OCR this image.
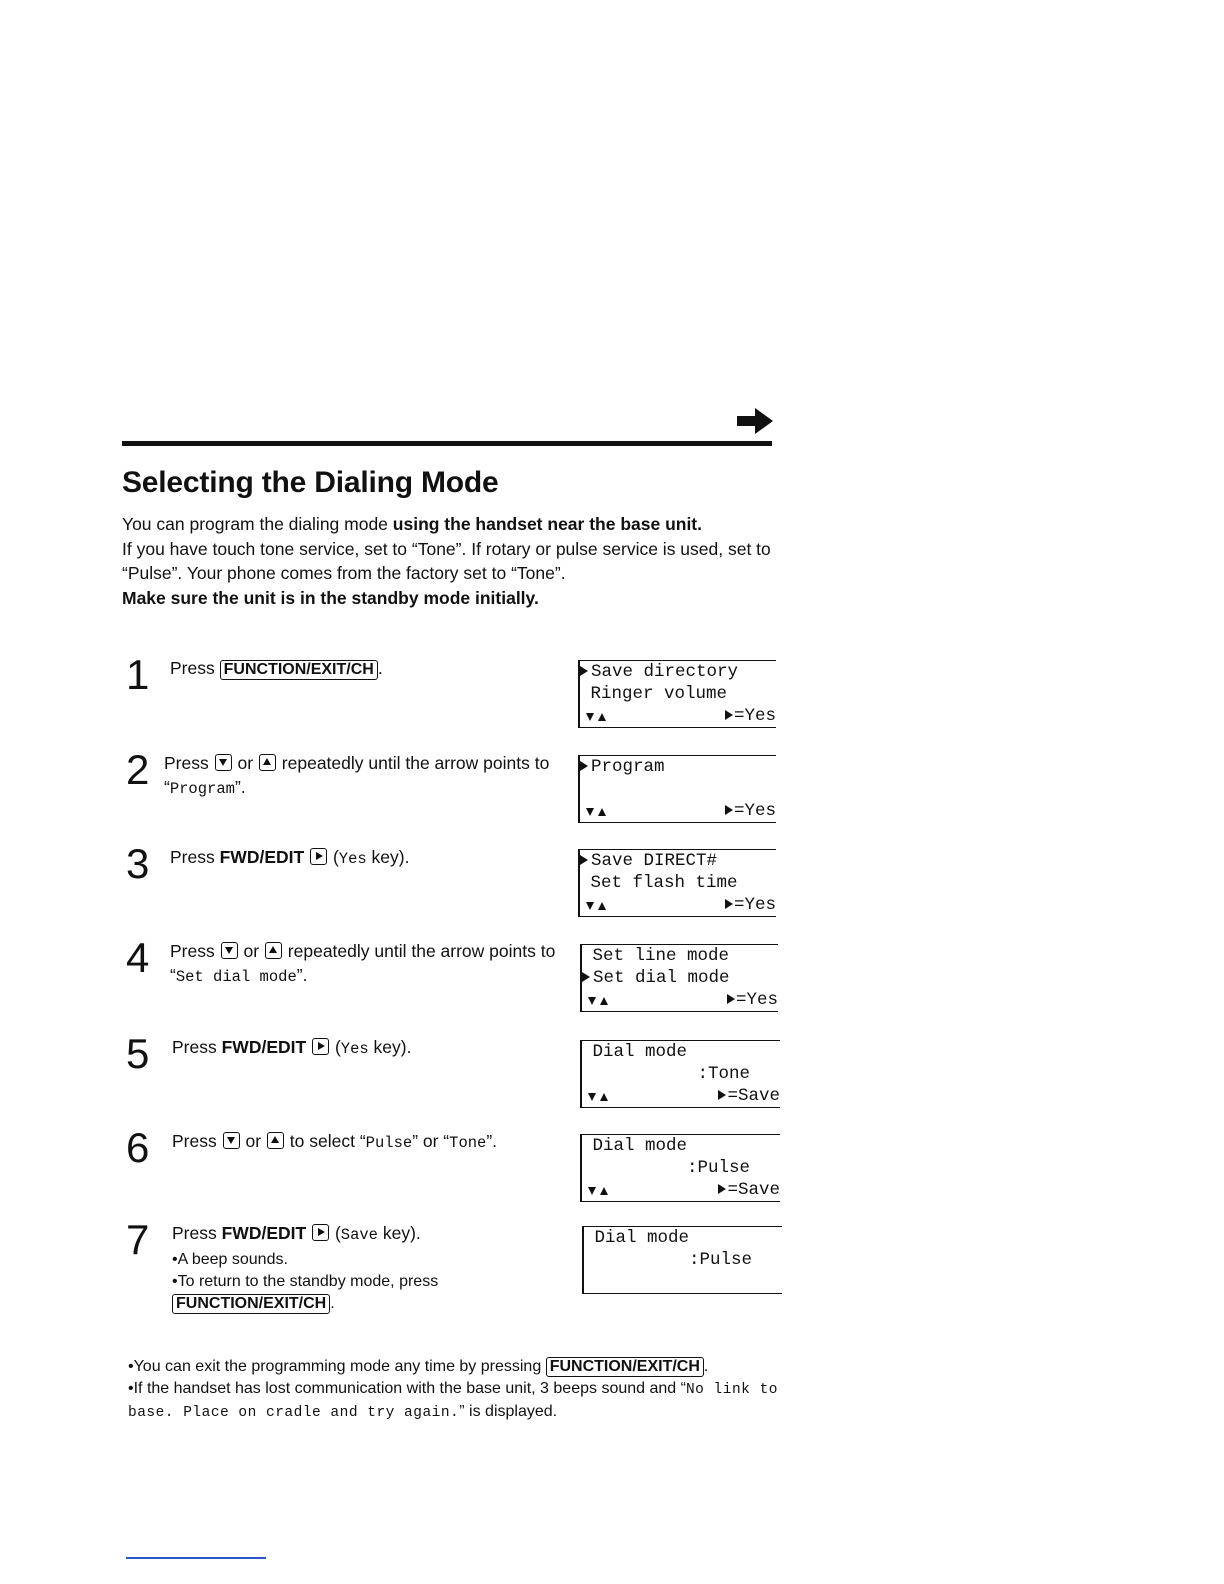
Selecting the Dialing Mode

You can program the dialing mode using the handset near the base unit.

If you have touch tone service, set to “Tone”. If rotary or pulse service is used, set to “Pulse”. Your phone comes from the factory set to “Tone”.

Make sure the unit is in the standby mode initially.

1 Press FUNCTION/EXIT/CH .
2 Press or repeatedly until the arrow points to “Program”.
3 Press FWD/EDIT (Yes key).
4 Press or repeatedly until the arrow points to “Set dial mode”.
5 Press FWD/EDIT (Yes key).
6 Press or to select “Pulse” or “Tone”.
7 Press FWD/EDIT (Save key).
•A beep sounds.
•To return to the standby mode, press
FUNCTION/EXIT/CH .
Save directory
Ringer volume
=Yes
Program
=Yes
Save DIRECT#
Set flash time
=Yes
Set line mode
Set dial mode
=Yes
Dial mode
:Tone
=Save
Dial mode
:Pulse
=Save
Dial mode
:Pulse

•You can exit the programming mode any time by pressing FUNCTION/EXIT/CH .

•If the handset has lost communication with the base unit, 3 beeps sound and “No link to base. Place on cradle and try again.” is displayed.
